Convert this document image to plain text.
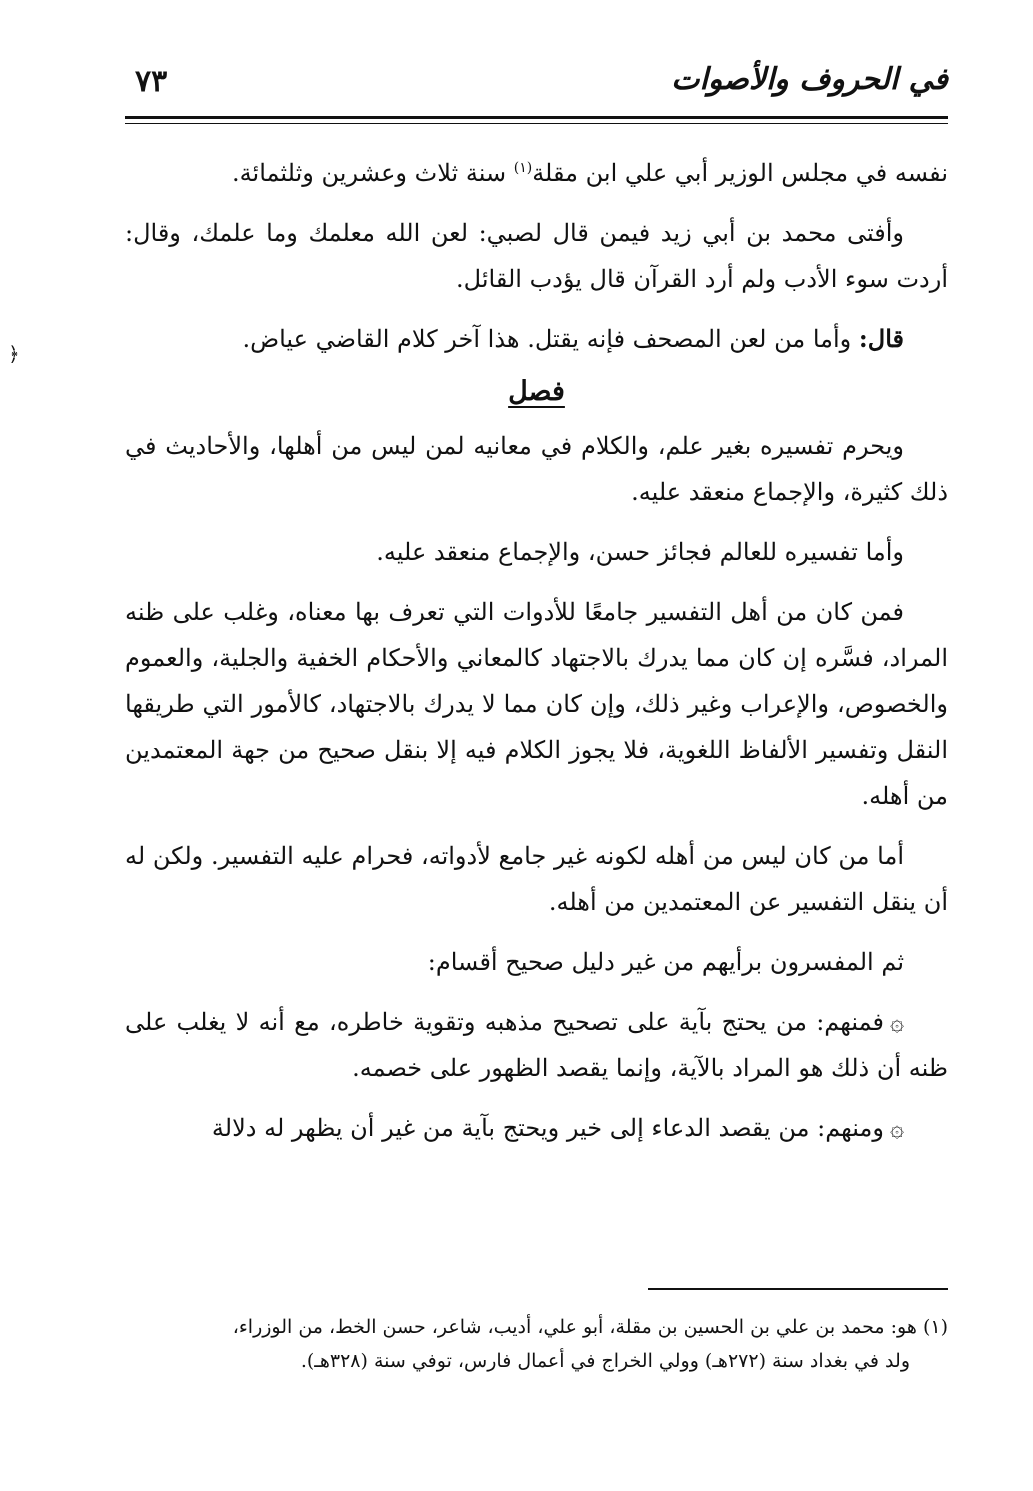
في الحروف والأصوات
٧٣

نفسه في مجلس الوزير أبي علي ابن مقلة$^{(١)}$ سنة ثلاث وعشرين وثلثمائة.

وأفتى محمد بن أبي زيد فيمن قال لصبي: لعن الله معلمك وما علمك، وقال: أردت سوء الأدب ولم أرد القرآن قال يؤدب القائل.

قال: وأما من لعن المصحف فإنه يقتل. هذا آخر كلام القاضي عياض.

فصل

ويحرم تفسيره بغير علم، والكلام في معانيه لمن ليس من أهلها، والأحاديث في ذلك كثيرة، والإجماع منعقد عليه.

وأما تفسيره للعالم فجائز حسن، والإجماع منعقد عليه.

فمن كان من أهل التفسير جامعًا للأدوات التي تعرف بها معناه، وغلب على ظنه المراد، فسَّره إن كان مما يدرك بالاجتهاد كالمعاني والأحكام الخفية والجلية، والعموم والخصوص، والإعراب وغير ذلك، وإن كان مما لا يدرك بالاجتهاد، كالأمور التي طريقها النقل وتفسير الألفاظ اللغوية، فلا يجوز الكلام فيه إلا بنقل صحيح من جهة المعتمدين من أهله.

أما من كان ليس من أهله لكونه غير جامع لأدواته، فحرام عليه التفسير. ولكن له أن ينقل التفسير عن المعتمدين من أهله.

ثم المفسرون برأيهم من غير دليل صحيح أقسام:

۞فمنهم: من يحتج بآية على تصحيح مذهبه وتقوية خاطره، مع أنه لا يغلب على ظنه أن ذلك هو المراد بالآية، وإنما يقصد الظهور على خصمه.

۞ومنهم: من يقصد الدعاء إلى خير ويحتج بآية من غير أن يظهر له دلالة

(١) هو: محمد بن علي بن الحسين بن مقلة، أبو علي، أديب، شاعر، حسن الخط، من الوزراء،
ولد في بغداد سنة (٢٧٢هـ) وولي الخراج في أعمال فارس، توفي سنة (٣٢٨هـ).
﴿
